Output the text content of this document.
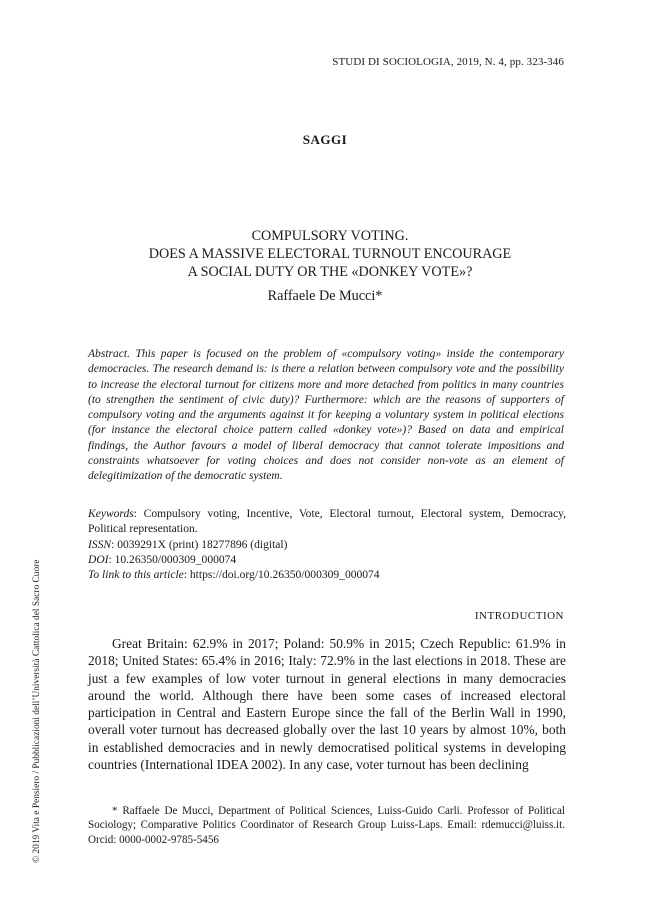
STUDI DI SOCIOLOGIA, 2019, N. 4, pp. 323-346
SAGGI
COMPULSORY VOTING.
DOES A MASSIVE ELECTORAL TURNOUT ENCOURAGE
A SOCIAL DUTY OR THE «DONKEY VOTE»?
Raffaele De Mucci*
Abstract. This paper is focused on the problem of «compulsory voting» inside the contemporary democracies. The research demand is: is there a relation between compulsory vote and the possibility to increase the electoral turnout for citizens more and more detached from politics in many countries (to strengthen the sentiment of civic duty)? Furthermore: which are the reasons of supporters of compulsory voting and the arguments against it for keeping a voluntary system in political elections (for instance the electoral choice pattern called «donkey vote»)? Based on data and empirical findings, the Author favours a model of liberal democracy that cannot tolerate impositions and constraints whatsoever for voting choices and does not consider non-vote as an element of delegitimization of the democratic system.
Keywords: Compulsory voting, Incentive, Vote, Electoral turnout, Electoral system, Democracy, Political representation.
ISSN: 0039291X (print) 18277896 (digital)
DOI: 10.26350/000309_000074
To link to this article: https://doi.org/10.26350/000309_000074
INTRODUCTION
Great Britain: 62.9% in 2017; Poland: 50.9% in 2015; Czech Republic: 61.9% in 2018; United States: 65.4% in 2016; Italy: 72.9% in the last elections in 2018. These are just a few examples of low voter turnout in general elections in many democracies around the world. Although there have been some cases of increased electoral participation in Central and Eastern Europe since the fall of the Berlin Wall in 1990, overall voter turnout has decreased globally over the last 10 years by almost 10%, both in established democracies and in newly democratised political systems in developing countries (International IDEA 2002). In any case, voter turnout has been declining
* Raffaele De Mucci, Department of Political Sciences, Luiss-Guido Carli. Professor of Political Sociology; Comparative Politics Coordinator of Research Group Luiss-Laps. Email: rdemucci@luiss.it. Orcid: 0000-0002-9785-5456
© 2019 Vita e Pensiero / Pubblicazioni dell’Università Cattolica del Sacro Cuore
